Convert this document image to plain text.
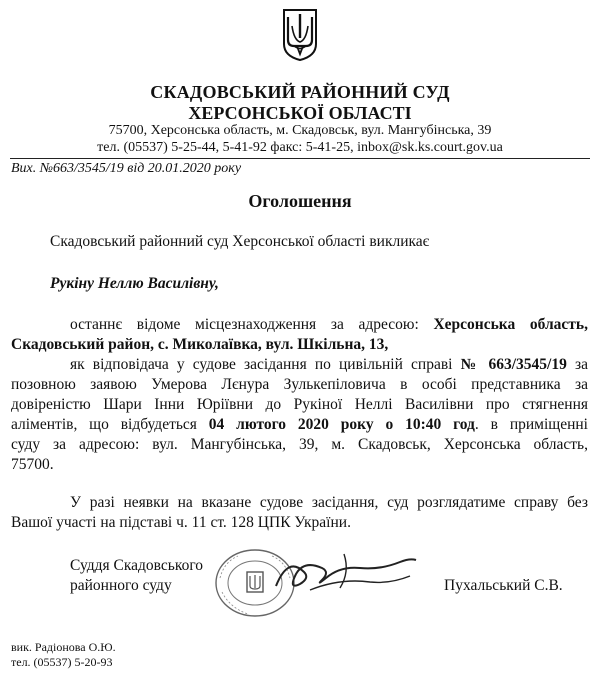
СКАДОВСЬКИЙ РАЙОННИЙ СУД
ХЕРСОНСЬКОЇ ОБЛАСТІ
75700, Херсонська область, м. Скадовськ, вул. Мангубінська, 39
тел. (05537) 5-25-44, 5-41-92 факс: 5-41-25, inbox@sk.ks.court.gov.ua
Вих. №663/3545/19 від 20.01.2020 року
Оголошення
Скадовський районний суд Херсонської області викликає
Рукіну Неллю Василівну,
останнє відоме місцезнаходження за адресою: Херсонська область,
Скадовський район, с. Миколаївка, вул. Шкільна, 13,
як відповідача у судове засідання по цивільній справі № 663/3545/19 за
позовною заявою Умерова Лєнура Зулькепіловича в особі представника за
довіреністю Шари Інни Юріївни до Рукіної Неллі Василівни про стягнення
аліментів, що відбудеться 04 лютого 2020 року о 10:40 год. в приміщенні
суду за адресою: вул. Мангубінська, 39, м. Скадовськ, Херсонська область,
75700.
У разі неявки на вказане судове засідання, суд розглядатиме справу без
Вашої участі на підставі ч. 11 ст. 128 ЦПК України.
Суддя Скадовського
районного суду	Пухальський С.В.
вик. Радіонова О.Ю.
тел. (05537) 5-20-93
